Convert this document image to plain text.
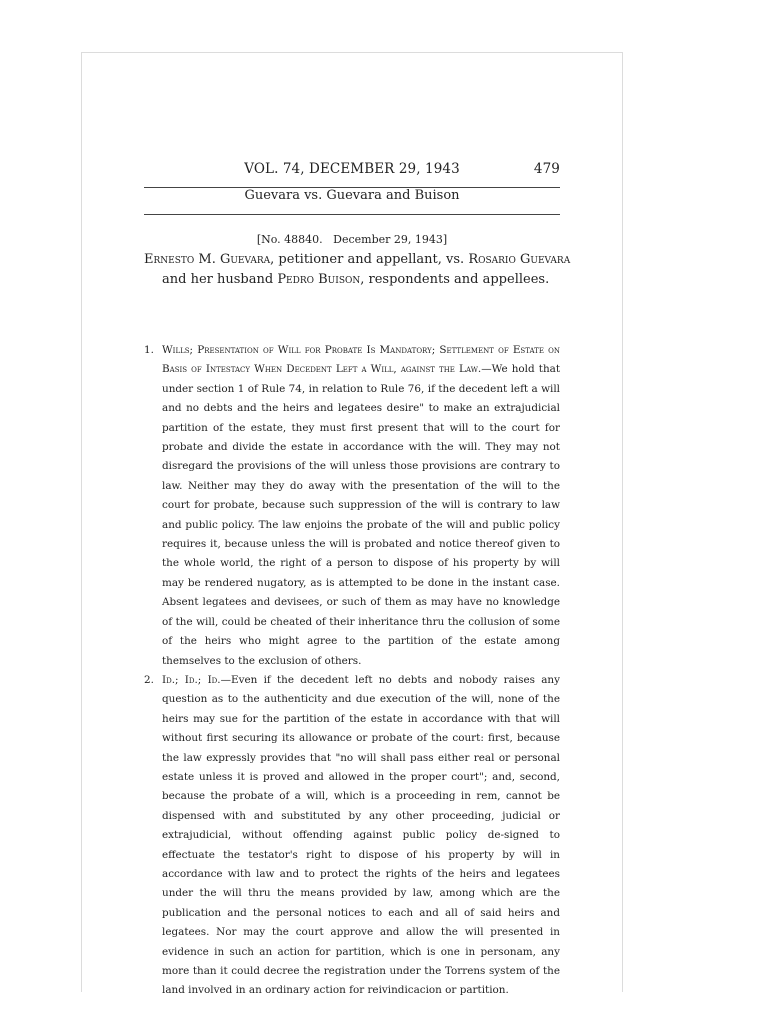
VOL. 74, DECEMBER 29, 1943	479
Guevara vs. Guevara and Buison
[No. 48840.   December 29, 1943]
Ernesto M. Guevara, petitioner and appellant, vs. Rosario Guevara
and her husband Pedro Buison, respondents and appellees.

1. Wills; Presentation of Will for Probate Is Mandatory; Settlement of Estate on Basis of Intestacy When Decedent Left a Will, against the Law.—We hold that under section 1 of Rule 74, in relation to Rule 76, if the decedent left a will and no debts and the heirs and legatees desire" to make an extrajudicial partition of the estate, they must first present that will to the court for probate and divide the estate in accordance with the will. They may not disregard the provisions of the will unless those provisions are contrary to law. Neither may they do away with the presentation of the will to the court for probate, because such suppression of the will is contrary to law and public policy. The law enjoins the probate of the will and public policy requires it, because unless the will is probated and notice thereof given to the whole world, the right of a person to dispose of his property by will may be rendered nugatory, as is attempted to be done in the instant case. Absent legatees and devisees, or such of them as may have no knowledge of the will, could be cheated of their inheritance thru the collusion of some of the heirs who might agree to the partition of the estate among themselves to the exclusion of others.

2. Id.; Id.; Id.—Even if the decedent left no debts and nobody raises any question as to the authenticity and due execution of the will, none of the heirs may sue for the partition of the estate in accordance with that will without first securing its allowance or probate of the court: first, because the law expressly provides that "no will shall pass either real or personal estate unless it is proved and allowed in the proper court"; and, second, because the probate of a will, which is a proceeding in rem, cannot be dispensed with and substituted by any other proceeding, judicial or extrajudicial, without offending against public policy de-signed to effectuate the testator's right to dispose of his property by will in accordance with law and to protect the rights of the heirs and legatees under the will thru the means provided by law, among which are the publication and the personal notices to each and all of said heirs and legatees. Nor may the court approve and allow the will presented in evidence in such an action for partition, which is one in personam, any more than it could decree the registration under the Torrens system of the land involved in an ordinary action for reivindicacion or partition.
